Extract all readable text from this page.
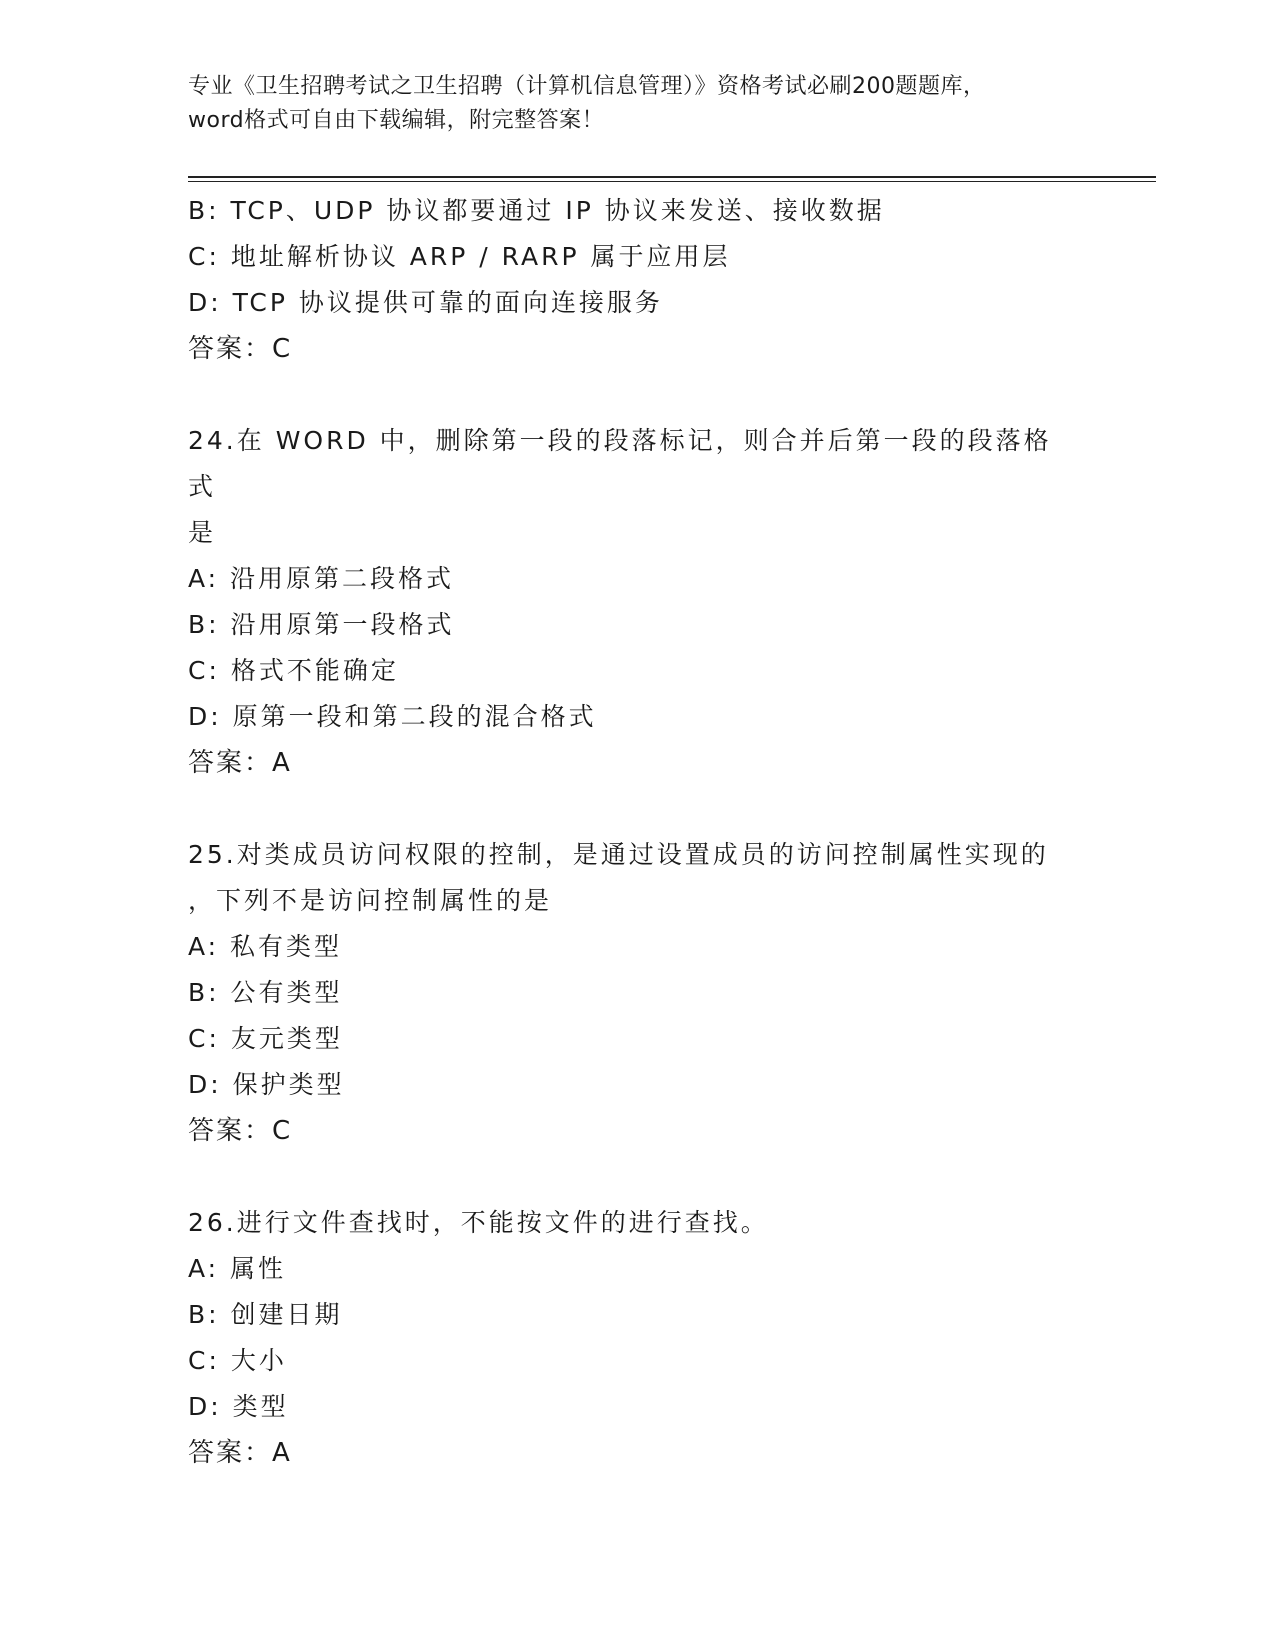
专业《卫生招聘考试之卫生招聘（计算机信息管理）》资格考试必刷200题题库，
word格式可自由下载编辑，附完整答案！
B: TCP、UDP 协议都要通过 IP 协议来发送、接收数据
C: 地址解析协议 ARP / RARP 属于应用层
D: TCP 协议提供可靠的面向连接服务
答案：C
24.在 WORD 中，删除第一段的段落标记，则合并后第一段的段落格式
是
A: 沿用原第二段格式
B: 沿用原第一段格式
C: 格式不能确定
D: 原第一段和第二段的混合格式
答案：A
25.对类成员访问权限的控制，是通过设置成员的访问控制属性实现的
，下列不是访问控制属性的是
A: 私有类型
B: 公有类型
C: 友元类型
D: 保护类型
答案：C
26.进行文件查找时，不能按文件的进行查找。
A: 属性
B: 创建日期
C: 大小
D: 类型
答案：A
